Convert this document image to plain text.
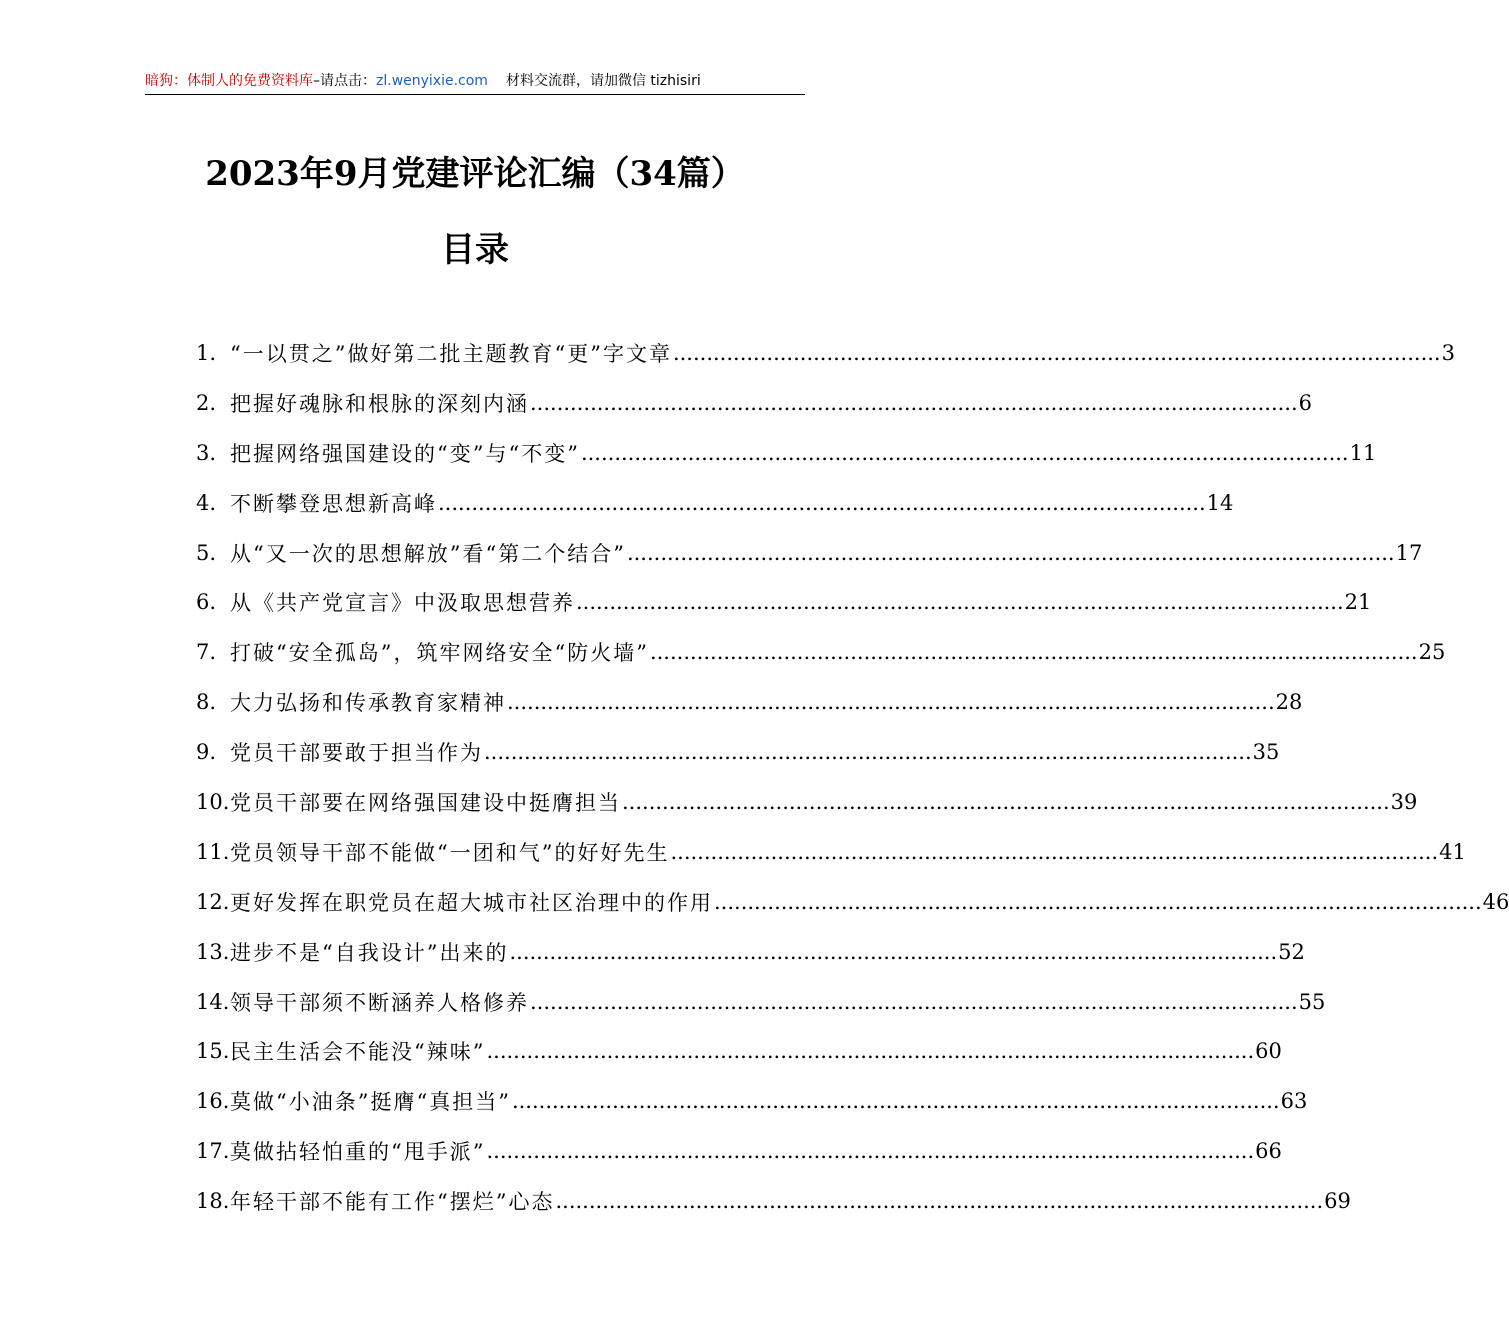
暗狗：体制人的免费资料库–请点击：zl.wenyixie.com 材料交流群，请加微信 tizhisiri
2023年9月党建评论汇编（34篇）
目录
1. “一以贯之”做好第二批主题教育“更”字文章 .....	3
2. 把握好魂脉和根脉的深刻内涵 .....	6
3. 把握网络强国建设的“变”与“不变” .....	11
4. 不断攀登思想新高峰 .....	14
5. 从“又一次的思想解放”看“第二个结合” .....	17
6. 从《共产党宣言》中汲取思想营养 .....	21
7. 打破“安全孤岛”，筑牢网络安全“防火墙” .....	25
8. 大力弘扬和传承教育家精神 .....	28
9. 党员干部要敢于担当作为 .....	35
10. 党员干部要在网络强国建设中挺膺担当 .....	39
11. 党员领导干部不能做“一团和气”的好好先生 .....	41
12. 更好发挥在职党员在超大城市社区治理中的作用 .....	46
13. 进步不是“自我设计”出来的 .....	52
14. 领导干部须不断涵养人格修养 .....	55
15. 民主生活会不能没“辣味” .....	60
16. 莫做“小油条”挺膺“真担当” .....	63
17. 莫做拈轻怕重的“甩手派” .....	66
18. 年轻干部不能有工作“摆烂”心态 .....	69
